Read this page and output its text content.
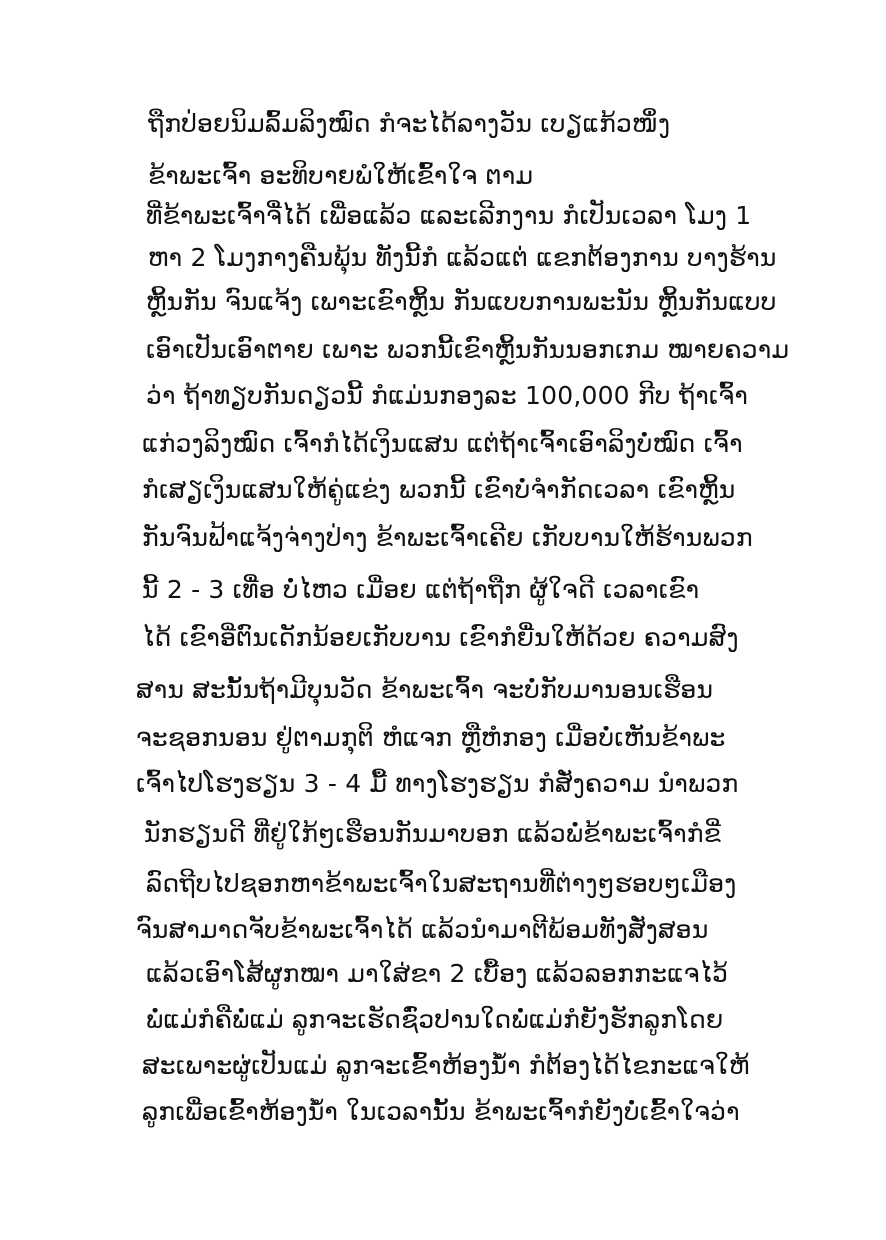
ຖືກປ່ອຍນິມລົ້ມລິງໝົດ ກໍຈະໄດ້ລາງວັນ ເບຽແກ້ວໜຶ່ງ
ຂ້າພະເຈົ້າ ອະທິບາຍພໍໃຫ້ເຂົ້າໃຈ ຕາມ
ທີ່ຂ້າພະເຈົ້າຈື່ໄດ້ ເພື່ອແລ້ວ ແລະເລີກງານ ກໍເປັນເວລາ ໂມງ 1
ຫາ 2 ໂມງກາງຄືນພຸ້ນ ທັງນີ້ກໍ ແລ້ວແຕ່ ແຂກຕ້ອງການ ບາງຮ້ານ
ຫຼິ້ນກັນ ຈົນແຈ້ງ ເພາະເຂົາຫຼິ້ນ ກັນແບບການພະນັນ ຫຼິ້ນກັນແບບ
ເອົາເປັນເອົາຕາຍ ເພາະ ພວກນີ້ເຂົາຫຼິ້ນກັນນອກເກມ ໝາຍຄວາມ
ວ່າ ຖ້າທຽບກັນດຽວນີ້ ກໍແມ່ນກອງລະ 100,000 ກີບ ຖ້າເຈົ້າ
ແກ່ວງລິງໝົດ ເຈົ້າກໍໄດ້ເງິນແສນ ແຕ່ຖ້າເຈົ້າເອົາລິງບໍ່ໝົດ ເຈົ້າ
ກໍເສຽເງິນແສນໃຫ້ຄູ່ແຂ່ງ ພວກນີ້ ເຂົາບໍ່ຈຳກັດເວລາ ເຂົາຫຼິ້ນ
ກັນຈົນຟ້າແຈ້ງຈ່າງປ່າງ ຂ້າພະເຈົ້າເຄີຍ ເກັບບານໃຫ້ຮ້ານພວກ
ນີ້ 2 - 3 ເທື່ອ ບໍ່ໄຫວ ເມື່ອຍ ແຕ່ຖ້າຖືກ ຜູ້ໃຈດີ ເວລາເຂົາ
ໄດ້ ເຂົາອີ່ຕົນເດັກນ້ອຍເກັບບານ ເຂົາກໍຍື່ນໃຫ້ດ້ວຍ ຄວາມສົງ
ສານ ສະນັ້ນຖ້າມີບຸນວັດ ຂ້າພະເຈົ້າ ຈະບໍ່ກັບມານອນເຮືອນ
ຈະຊອກນອນ ຢູ່ຕາມກຸຕິ ຫໍແຈກ ຫຼືຫໍກອງ ເມື່ອບໍ່ເຫັນຂ້າພະ
ເຈົ້າໄປໂຮງຮຽນ 3 - 4 ມື້ ທາງໂຮງຮຽນ ກໍສັ່ງຄວາມ ນຳພວກ
ນັກຮຽນດີ ທີ່ຢູ່ໃກ້ໆເຮືອນກັນມາບອກ ແລ້ວພໍ່ຂ້າພະເຈົ້າກໍຂີ່
ລົດຖີບໄປຊອກຫາຂ້າພະເຈົ້າໃນສະຖານທີ່ຕ່າງໆຮອບໆເມືອງ
ຈົນສາມາດຈັບຂ້າພະເຈົ້າໄດ້ ແລ້ວນຳມາຕີພ້ອມທັງສັ່ງສອນ
ແລ້ວເອົາໂສ້ຜູກໝາ ມາໃສ່ຂາ 2 ເບື້ອງ ແລ້ວລອກກະແຈໄວ້
ພໍ່ແມ່ກໍຄືພໍ່ແມ່ ລູກຈະເຮັດຊົ່ວປານໃດພໍ່ແມ່ກໍຍັງຮັກລູກໂດຍ
ສະເພາະຜູ່ເປັນແມ່ ລູກຈະເຂົ້າຫ້ອງນ້ຳ ກໍຕ້ອງໄດ້ໄຂກະແຈໃຫ້
ລູກເພື່ອເຂົ້າຫ້ອງນ້ຳ ໃນເວລານັ້ນ ຂ້າພະເຈົ້າກໍຍັງບໍ່ເຂົ້າໃຈວ່າ
